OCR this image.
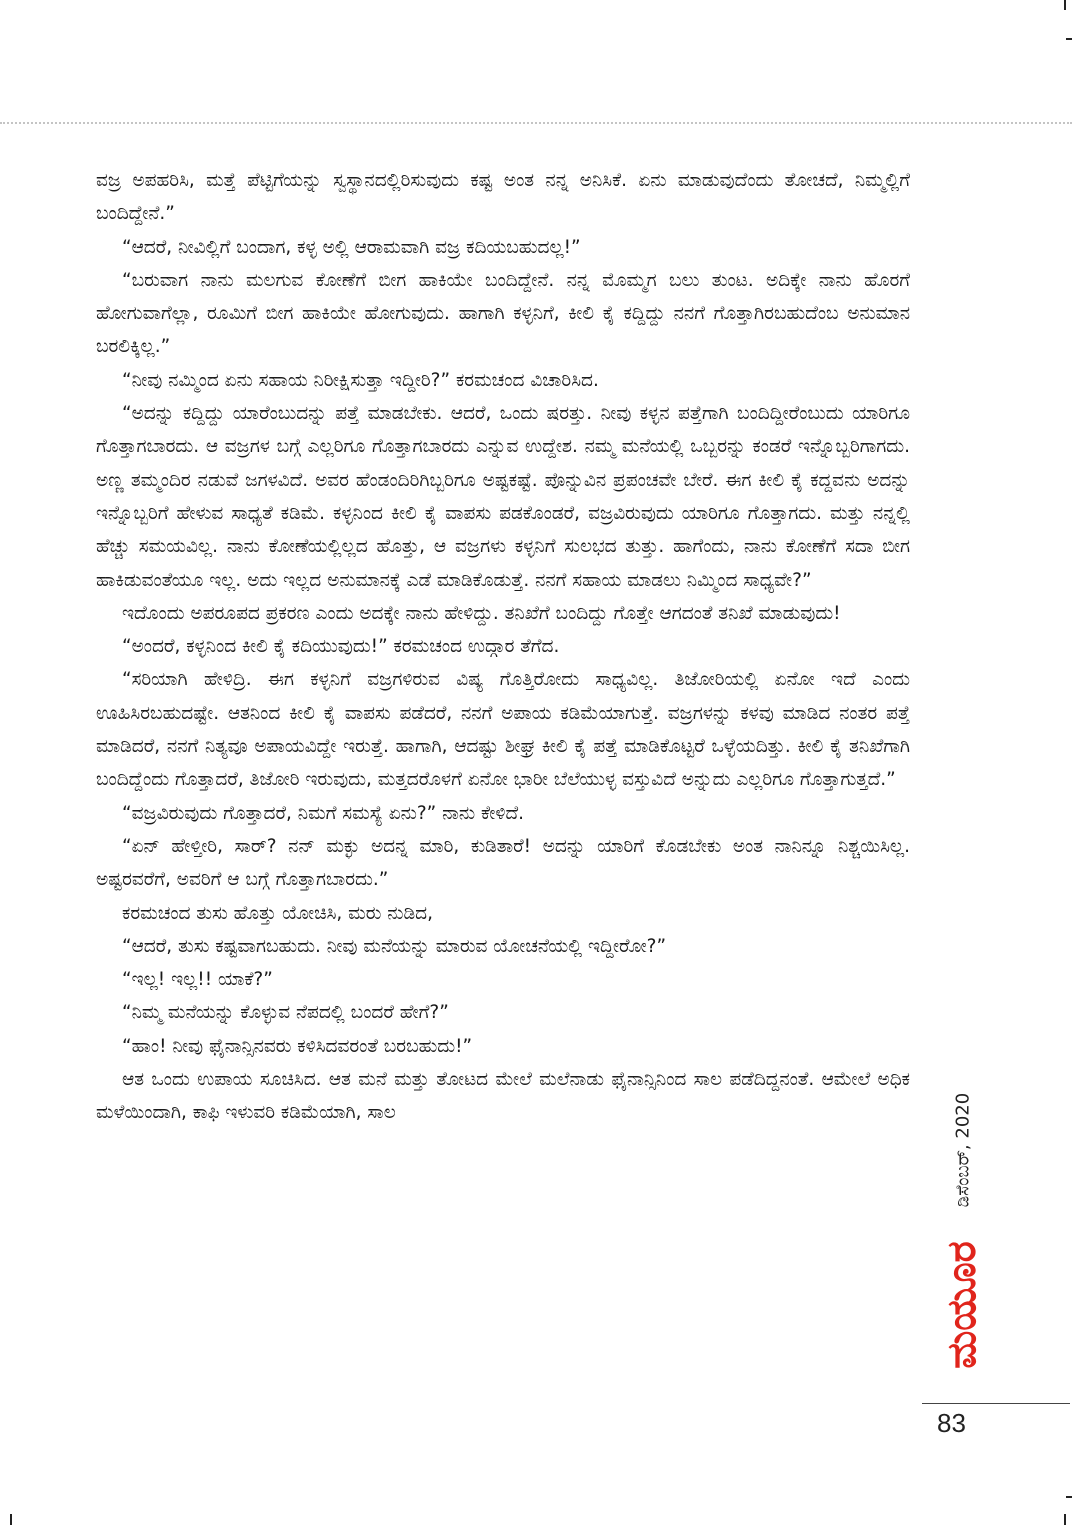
ವಜ್ರ ಅಪಹರಿಸಿ, ಮತ್ತೆ ಪೆಟ್ಟಿಗೆಯನ್ನು ಸ್ವಸ್ಥಾನದಲ್ಲಿರಿಸುವುದು ಕಷ್ಟ ಅಂತ ನನ್ನ ಅನಿಸಿಕೆ. ಏನು ಮಾಡುವುದೆಂದು ತೋಚದೆ, ನಿಮ್ಮಲ್ಲಿಗೆ ಬಂದಿದ್ದೇನೆ.”

“ಆದರೆ, ನೀವಿಲ್ಲಿಗೆ ಬಂದಾಗ, ಕಳ್ಳ ಅಲ್ಲಿ ಆರಾಮವಾಗಿ ವಜ್ರ ಕದಿಯಬಹುದಲ್ಲ!”

“ಬರುವಾಗ ನಾನು ಮಲಗುವ ಕೋಣೆಗೆ ಬೀಗ ಹಾಕಿಯೇ ಬಂದಿದ್ದೇನೆ. ನನ್ನ ಮೊಮ್ಮಗ ಬಲು ತುಂಟ. ಅದಿಕ್ಕೇ ನಾನು ಹೊರಗೆ ಹೋಗುವಾಗೆಲ್ಲಾ, ರೂಮಿಗೆ ಬೀಗ ಹಾಕಿಯೇ ಹೋಗುವುದು. ಹಾಗಾಗಿ ಕಳ್ಳನಿಗೆ, ಕೀಲಿ ಕೈ ಕದ್ದಿದ್ದು ನನಗೆ ಗೊತ್ತಾಗಿರಬಹುದೆಂಬ ಅನುಮಾನ ಬರಲಿಕ್ಕಿಲ್ಲ.”

“ನೀವು ನಮ್ಮಿಂದ ಏನು ಸಹಾಯ ನಿರೀಕ್ಷಿಸುತ್ತಾ ಇದ್ದೀರಿ?” ಕರಮಚಂದ ವಿಚಾರಿಸಿದ.

“ಅದನ್ನು ಕದ್ದಿದ್ದು ಯಾರೆಂಬುದನ್ನು ಪತ್ತೆ ಮಾಡಬೇಕು. ಆದರೆ, ಒಂದು ಷರತ್ತು. ನೀವು ಕಳ್ಳನ ಪತ್ತೆಗಾಗಿ ಬಂದಿದ್ದೀರೆಂಬುದು ಯಾರಿಗೂ ಗೊತ್ತಾಗಬಾರದು. ಆ ವಜ್ರಗಳ ಬಗ್ಗೆ ಎಲ್ಲರಿಗೂ ಗೊತ್ತಾಗಬಾರದು ಎನ್ನುವ ಉದ್ದೇಶ. ನಮ್ಮ ಮನೆಯಲ್ಲಿ ಒಬ್ಬರನ್ನು ಕಂಡರೆ ಇನ್ನೊಬ್ಬರಿಗಾಗದು. ಅಣ್ಣ ತಮ್ಮಂದಿರ ನಡುವೆ ಜಗಳವಿದೆ. ಅವರ ಹೆಂಡಂದಿರಿಗಿಬ್ಬರಿಗೂ ಅಷ್ಟಕಷ್ಟೆ. ಪೊನ್ನುವಿನ ಪ್ರಪಂಚವೇ ಬೇರೆ. ಈಗ ಕೀಲಿ ಕೈ ಕದ್ದವನು ಅದನ್ನು ಇನ್ನೊಬ್ಬರಿಗೆ ಹೇಳುವ ಸಾಧ್ಯತೆ ಕಡಿಮೆ. ಕಳ್ಳನಿಂದ ಕೀಲಿ ಕೈ ವಾಪಸು ಪಡಕೊಂಡರೆ, ವಜ್ರವಿರುವುದು ಯಾರಿಗೂ ಗೊತ್ತಾಗದು. ಮತ್ತು ನನ್ನಲ್ಲಿ ಹೆಚ್ಚು ಸಮಯವಿಲ್ಲ. ನಾನು ಕೋಣೆಯಲ್ಲಿಲ್ಲದ ಹೊತ್ತು, ಆ ವಜ್ರಗಳು ಕಳ್ಳನಿಗೆ ಸುಲಭದ ತುತ್ತು. ಹಾಗೆಂದು, ನಾನು ಕೋಣೆಗೆ ಸದಾ ಬೀಗ ಹಾಕಿಡುವಂತೆಯೂ ಇಲ್ಲ. ಅದು ಇಲ್ಲದ ಅನುಮಾನಕ್ಕೆ ಎಡೆ ಮಾಡಿಕೊಡುತ್ತೆ. ನನಗೆ ಸಹಾಯ ಮಾಡಲು ನಿಮ್ಮಿಂದ ಸಾಧ್ಯವೇ?”

ಇದೊಂದು ಅಪರೂಪದ ಪ್ರಕರಣ ಎಂದು ಅದಕ್ಕೇ ನಾನು ಹೇಳಿದ್ದು. ತನಿಖೆಗೆ ಬಂದಿದ್ದು ಗೊತ್ತೇ ಆಗದಂತೆ ತನಿಖೆ ಮಾಡುವುದು!

“ಅಂದರೆ, ಕಳ್ಳನಿಂದ ಕೀಲಿ ಕೈ ಕದಿಯುವುದು!” ಕರಮಚಂದ ಉದ್ಗಾರ ತೆಗೆದ.

“ಸರಿಯಾಗಿ ಹೇಳಿದ್ರಿ. ಈಗ ಕಳ್ಳನಿಗೆ ವಜ್ರಗಳಿರುವ ವಿಷ್ಯ ಗೊತ್ತಿರೋದು ಸಾಧ್ಯವಿಲ್ಲ. ತಿಜೋರಿಯಲ್ಲಿ ಏನೋ ಇದೆ ಎಂದು ಊಹಿಸಿರಬಹುದಷ್ಟೇ. ಆತನಿಂದ ಕೀಲಿ ಕೈ ವಾಪಸು ಪಡೆದರೆ, ನನಗೆ ಅಪಾಯ ಕಡಿಮೆಯಾಗುತ್ತೆ. ವಜ್ರಗಳನ್ನು ಕಳವು ಮಾಡಿದ ನಂತರ ಪತ್ತೆ ಮಾಡಿದರೆ, ನನಗೆ ನಿತ್ಯವೂ ಅಪಾಯವಿದ್ದೇ ಇರುತ್ತೆ. ಹಾಗಾಗಿ, ಆದಷ್ಟು ಶೀಘ್ರ ಕೀಲಿ ಕೈ ಪತ್ತೆ ಮಾಡಿಕೊಟ್ಟರೆ ಒಳ್ಳೆಯದಿತ್ತು. ಕೀಲಿ ಕೈ ತನಿಖೆಗಾಗಿ ಬಂದಿದ್ದೆಂದು ಗೊತ್ತಾದರೆ, ತಿಜೋರಿ ಇರುವುದು, ಮತ್ತದರೊಳಗೆ ಏನೋ ಭಾರೀ ಬೆಲೆಯುಳ್ಳ ವಸ್ತುವಿದೆ ಅನ್ನುದು ಎಲ್ಲರಿಗೂ ಗೊತ್ತಾಗುತ್ತದೆ.”

“ವಜ್ರವಿರುವುದು ಗೊತ್ತಾದರೆ, ನಿಮಗೆ ಸಮಸ್ಯೆ ಏನು?” ನಾನು ಕೇಳಿದೆ.

“ಏನ್ ಹೇಳ್ತೀರಿ, ಸಾರ್? ನನ್ ಮಕ್ಳು ಅದನ್ನ ಮಾರಿ, ಕುಡಿತಾರೆ! ಅದನ್ನು ಯಾರಿಗೆ ಕೊಡಬೇಕು ಅಂತ ನಾನಿನ್ನೂ ನಿಶ್ಚಯಿಸಿಲ್ಲ. ಅಷ್ಟರವರೆಗೆ, ಅವರಿಗೆ ಆ ಬಗ್ಗೆ ಗೊತ್ತಾಗಬಾರದು.”

ಕರಮಚಂದ ತುಸು ಹೊತ್ತು ಯೋಚಿಸಿ, ಮರು ನುಡಿದ,

“ಆದರೆ, ತುಸು ಕಷ್ಟವಾಗಬಹುದು. ನೀವು ಮನೆಯನ್ನು ಮಾರುವ ಯೋಚನೆಯಲ್ಲಿ ಇದ್ದೀರೋ?”

“ಇಲ್ಲ! ಇಲ್ಲ!! ಯಾಕೆ?”

“ನಿಮ್ಮ ಮನೆಯನ್ನು ಕೊಳ್ಳುವ ನೆಪದಲ್ಲಿ ಬಂದರೆ ಹೇಗೆ?”

“ಹಾಂ! ನೀವು ಫೈನಾನ್ಸಿನವರು ಕಳಿಸಿದವರಂತೆ ಬರಬಹುದು!”

ಆತ ಒಂದು ಉಪಾಯ ಸೂಚಿಸಿದ. ಆತ ಮನೆ ಮತ್ತು ತೋಟದ ಮೇಲೆ ಮಲೆನಾಡು ಫೈನಾನ್ಸಿನಿಂದ ಸಾಲ ಪಡೆದಿದ್ದನಂತೆ. ಆಮೇಲೆ ಅಧಿಕ ಮಳೆಯಿಂದಾಗಿ, ಕಾಫಿ ಇಳುವರಿ ಕಡಿಮೆಯಾಗಿ, ಸಾಲ	ಡಿಸೆಂಬರ್, 2020
ಮಯೂರ
83
